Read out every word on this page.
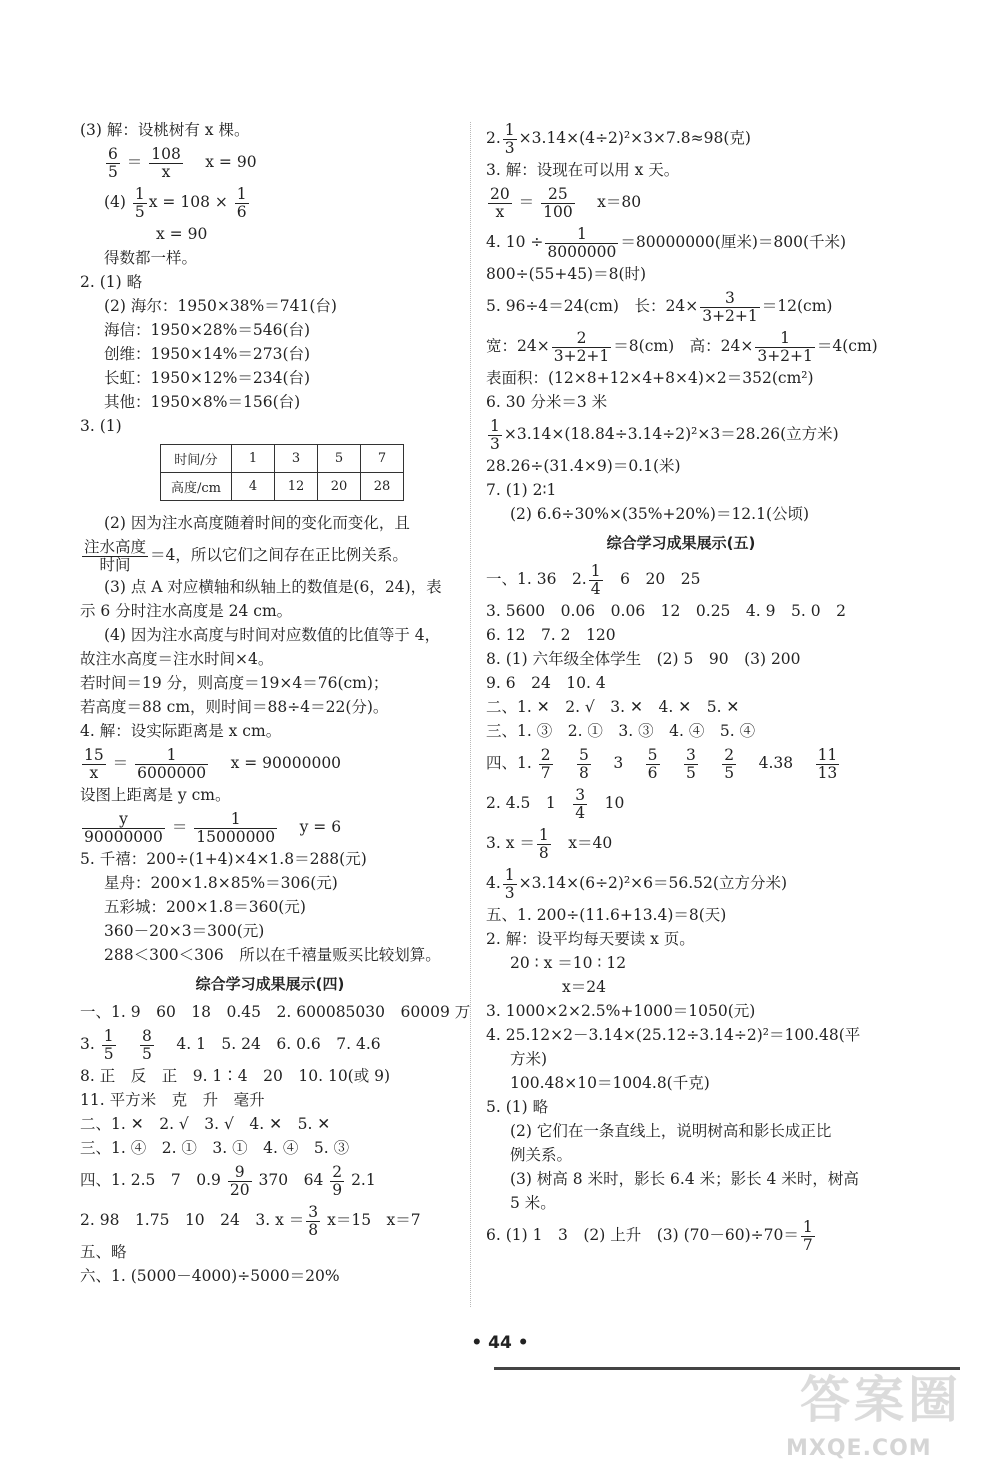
(3) 解：设桃树有 x 棵。
$\frac{6}{5} = \frac{108}{x}$
　 x = 90
$(4) \frac{1}{5}$ $x = 108 \times \frac{1}{6}$
x = 90
得数都一样。
2. (1) 略
(2) 海尔：1950×38%＝741(台)
海信：1950×28%＝546(台)
创维：1950×14%＝273(台)
长虹：1950×12%＝234(台)
其他：1950×8%＝156(台)
3. (1)
时间/分	1	3	5	7
高度/cm	4	12	20	28
(2) 因为注水高度随着时间的变化而变化，且
$\frac{\text{注水高度}}{\text{时间}} =4$，所以它们之间存在正比例关系。
(3) 点 A 对应横轴和纵轴上的数值是(6，24)，表
示 6 分时注水高度是 24 cm。
(4) 因为注水高度与时间对应数值的比值等于 4，
故注水高度＝注水时间×4。
若时间＝19 分，则高度＝19×4＝76(cm)；
若高度＝88 cm，则时间＝88÷4＝22(分)。
4. 解：设实际距离是 x cm。
$\frac{15}{x} = \frac{1}{6000000}$
　 x = 90000000
设图上距离是 y cm。
$\frac{y}{90000000} = \frac{1}{15000000}$
　 y = 6
5. 千禧：200÷(1+4)×4×1.8＝288(元)
星舟：200×1.8×85%＝306(元)
五彩城：200×1.8＝360(元)
360－20×3＝300(元)
288＜300＜306　所以在千禧量贩买比较划算。
综合学习成果展示(四)
一、1. 9　60　18　0.45　2. 600085030　60009 万
3. $\frac{1}{5}$
　 $\frac{8}{5}$
　 4. 1　5. 24　6. 0.6　7. 4.6
8. 正　反　正　9. 1∶4　20　10. 10(或 9)
11. 平方米　克　升　毫升
二、1. ✕　2. √　3. √　4. ✕　5. ✕
三、1. ④　2. ①　3. ①　4. ④　5. ③
四、1. 2.5　7　$0.9 \frac{9}{20} 370$　$64 \frac{2}{9} 2.1$
2. 98　1.75　10　24　3. $x = \frac{3}{8} x=15$　x＝7
五、略
六、1. (5000－4000)÷5000＝20%
2. $\frac{1}{3} \times 3.14\times(4\div 2)^2\times 3\times 7.8\approx 98$(克)
3. 解：设现在可以用 x 天。
$\frac{20}{x} = \frac{25}{100}$
　 x＝80
4. $10 \div \frac{1}{8000000} =80000000$(厘米)＝800(千米)
800÷(55+45)＝8(时)
5. 96÷4＝24(cm)　长：$24\times \frac{3}{3+2+1} =12(cm)$
宽：$24\times \frac{2}{3+2+1} =8(cm)$　高：$24\times \frac{1}{3+2+1} =4(cm)$
表面积：(12×8+12×4+8×4)×2＝352(cm²)
6. 30 分米＝3 米
$\frac{1}{3} \times 3.14\times(18.84\div 3.14\div 2)^2\times 3=28.26$(立方米)
28.26÷(31.4×9)＝0.1(米)
7. (1) 2∶1
(2) 6.6÷30%×(35%+20%)＝12.1(公顷)
综合学习成果展示(五)
一、1. 36　2. $\frac{1}{4}$
　 6　20　25
3. 5600　0.06　0.06　12　0.25　4. 9　5. 0　2
6. 12　7. 2　120
8. (1) 六年级全体学生　(2) 5　90　(3) 200
9. 6　24　10. 4
二、1. ✕　2. √　3. ✕　4. ✕　5. ✕
三、1. ③　2. ①　3. ③　4. ④　5. ④
四、1. $\frac{2}{7}$
　 $\frac{5}{8}$
　 3　 $\frac{5}{6}$
　 $\frac{3}{5}$
　 $\frac{2}{5}$
　 4.38　 $\frac{11}{13}$
2. 4.5　1　 $\frac{3}{4}$
　 10
3. $x = \frac{1}{8}$
　 x＝40
4. $\frac{1}{3} \times 3.14\times(6\div 2)^2\times 6=56.52$(立方分米)
五、1. 200÷(11.6+13.4)＝8(天)
2. 解：设平均每天要读 x 页。
20 ∶ x ＝10 ∶ 12
x＝24
3. 1000×2×2.5%+1000＝1050(元)
4. 25.12×2－3.14×(25.12÷3.14÷2)²＝100.48(平
方米)
100.48×10＝1004.8(千克)
5. (1) 略
(2) 它们在一条直线上，说明树高和影长成正比
例关系。
(3) 树高 8 米时，影长 6.4 米；影长 4 米时，树高
5 米。
6. (1) 1　3　(2) 上升　(3) $(70-60)\div 70= \frac{1}{7}$
• 44 •
答案圈
MXQE.COM
